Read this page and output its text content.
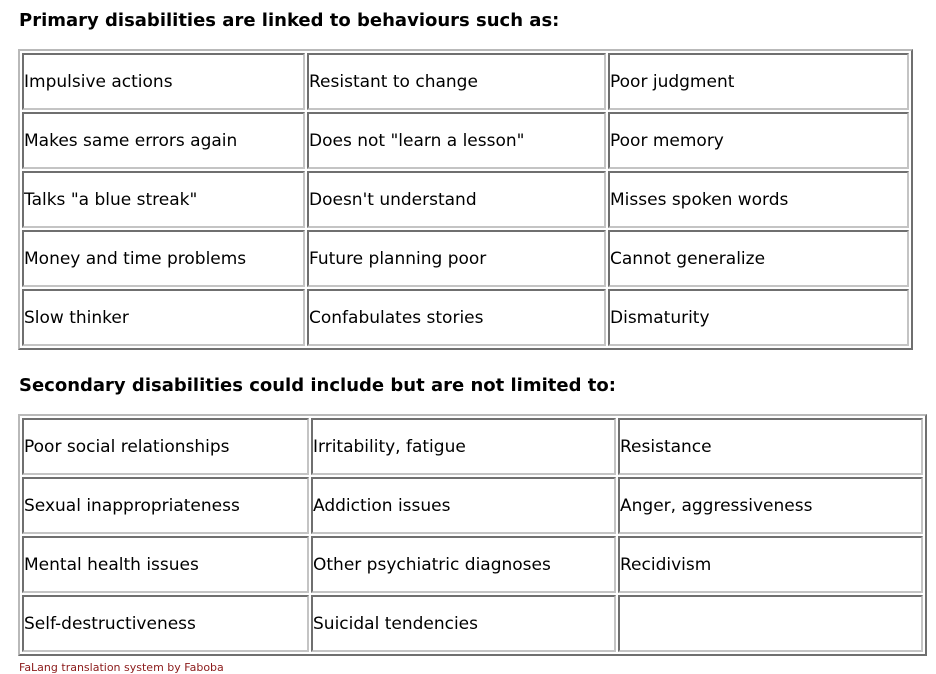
Primary disabilities are linked to behaviours such as:
Impulsive actions	Resistant to change	Poor judgment
Makes same errors again	Does not "learn a lesson"	Poor memory
Talks "a blue streak"	Doesn't understand	Misses spoken words
Money and time problems	Future planning poor	Cannot generalize
Slow thinker	Confabulates stories	Dismaturity
Secondary disabilities could include but are not limited to:
Poor social relationships	Irritability, fatigue	Resistance
Sexual inappropriateness	Addiction issues	Anger, aggressiveness
Mental health issues	Other psychiatric diagnoses	Recidivism
Self-destructiveness	Suicidal tendencies	
FaLang translation system by Faboba
